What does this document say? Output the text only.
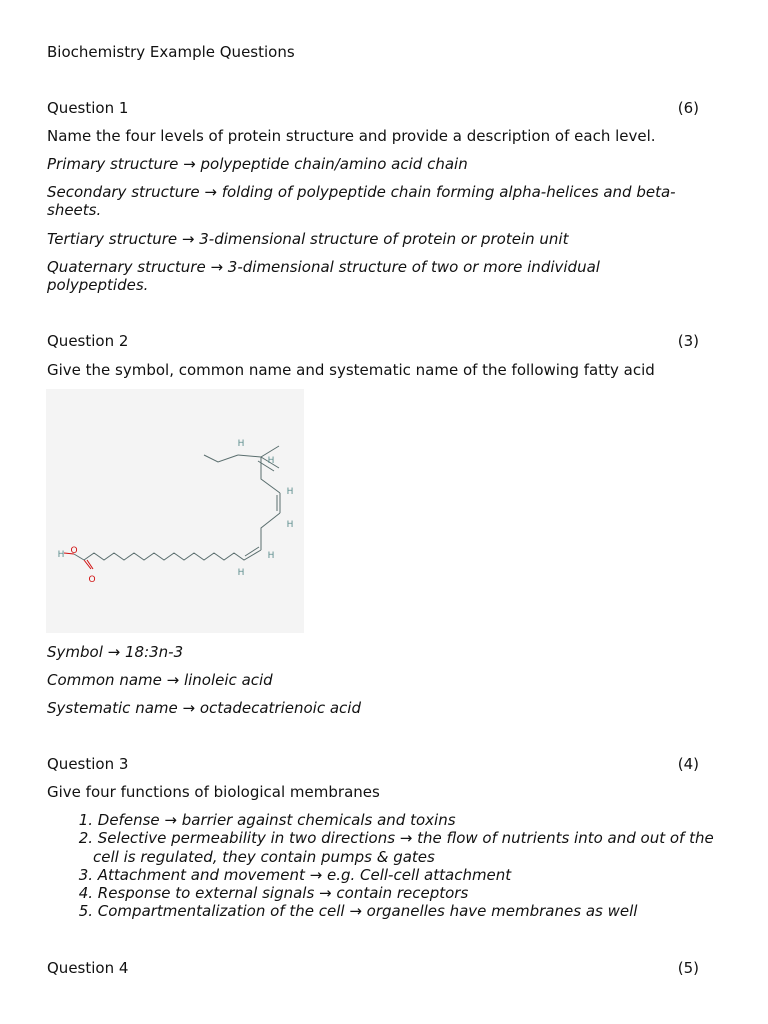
Biochemistry Example Questions
Question 1	(6)
Name the four levels of protein structure and provide a description of each level.
Primary structure → polypeptide chain/amino acid chain
Secondary structure → folding of polypeptide chain forming alpha-helices and beta-sheets.
Tertiary structure → 3-dimensional structure of protein or protein unit
Quaternary structure → 3-dimensional structure of two or more individual polypeptides.
Question 2	(3)
Give the symbol, common name and systematic name of the following fatty acid
H O
O
H
H
H
H
H
H
Symbol → 18:3n-3
Common name → linoleic acid
Systematic name → octadecatrienoic acid
Question 3	(4)
Give four functions of biological membranes
1. Defense → barrier against chemicals and toxins
2. Selective permeability in two directions → the flow of nutrients into and out of the cell is regulated, they contain pumps & gates
3. Attachment and movement → e.g. Cell-cell attachment
4. Response to external signals → contain receptors
5. Compartmentalization of the cell → organelles have membranes as well
Question 4	(5)
